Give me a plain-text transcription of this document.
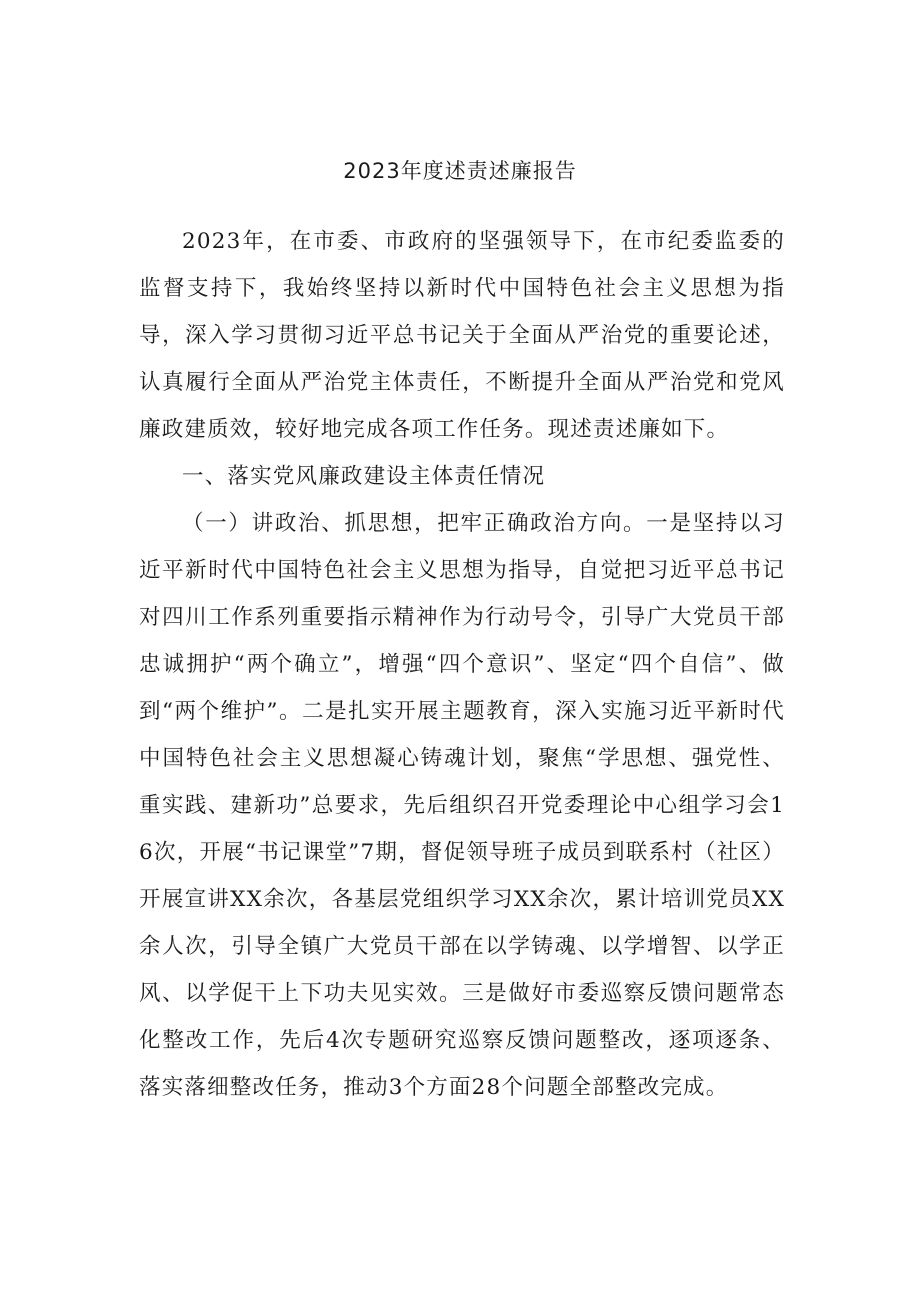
2023年度述责述廉报告

2023年，在市委、市政府的坚强领导下，在市纪委监委的监督支持下，我始终坚持以新时代中国特色社会主义思想为指导，深入学习贯彻习近平总书记关于全面从严治党的重要论述，认真履行全面从严治党主体责任，不断提升全面从严治党和党风廉政建质效，较好地完成各项工作任务。现述责述廉如下。

一、落实党风廉政建设主体责任情况

（一）讲政治、抓思想，把牢正确政治方向。一是坚持以习近平新时代中国特色社会主义思想为指导，自觉把习近平总书记对四川工作系列重要指示精神作为行动号令，引导广大党员干部忠诚拥护“两个确立”，增强“四个意识”、坚定“四个自信”、做到“两个维护”。二是扎实开展主题教育，深入实施习近平新时代中国特色社会主义思想凝心铸魂计划，聚焦“学思想、强党性、重实践、建新功”总要求，先后组织召开党委理论中心组学习会16次，开展“书记课堂”7期，督促领导班子成员到联系村（社区）开展宣讲XX余次，各基层党组织学习XX余次，累计培训党员XX余人次，引导全镇广大党员干部在以学铸魂、以学增智、以学正风、以学促干上下功夫见实效。三是做好市委巡察反馈问题常态化整改工作，先后4次专题研究巡察反馈问题整改，逐项逐条、落实落细整改任务，推动3个方面28个问题全部整改完成。
